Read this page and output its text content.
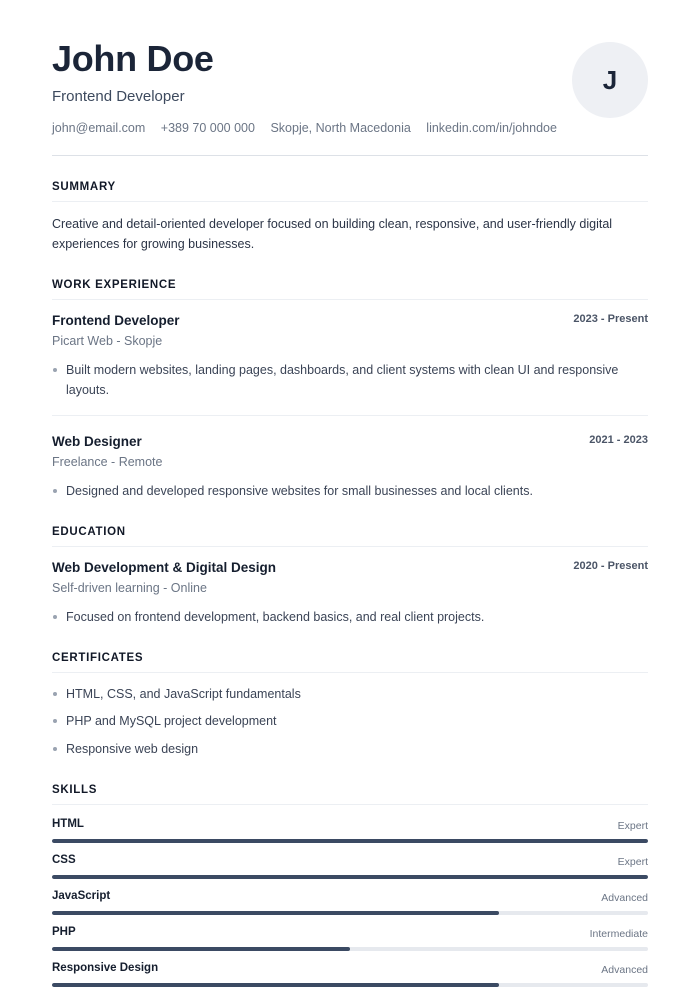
John Doe
Frontend Developer
john@email.com +389 70 000 000 Skopje, North Macedonia linkedin.com/in/johndoe
J
SUMMARY
Creative and detail-oriented developer focused on building clean, responsive, and user-friendly digital experiences for growing businesses.
WORK EXPERIENCE
Frontend Developer	2023 - Present
Picart Web - Skopje
Built modern websites, landing pages, dashboards, and client systems with clean UI and responsive layouts.
Web Designer	2021 - 2023
Freelance - Remote
Designed and developed responsive websites for small businesses and local clients.
EDUCATION
Web Development & Digital Design	2020 - Present
Self-driven learning - Online
Focused on frontend development, backend basics, and real client projects.
CERTIFICATES
HTML, CSS, and JavaScript fundamentals
PHP and MySQL project development
Responsive web design
SKILLS
HTML	Expert
CSS	Expert
JavaScript	Advanced
PHP	Intermediate
Responsive Design	Advanced
